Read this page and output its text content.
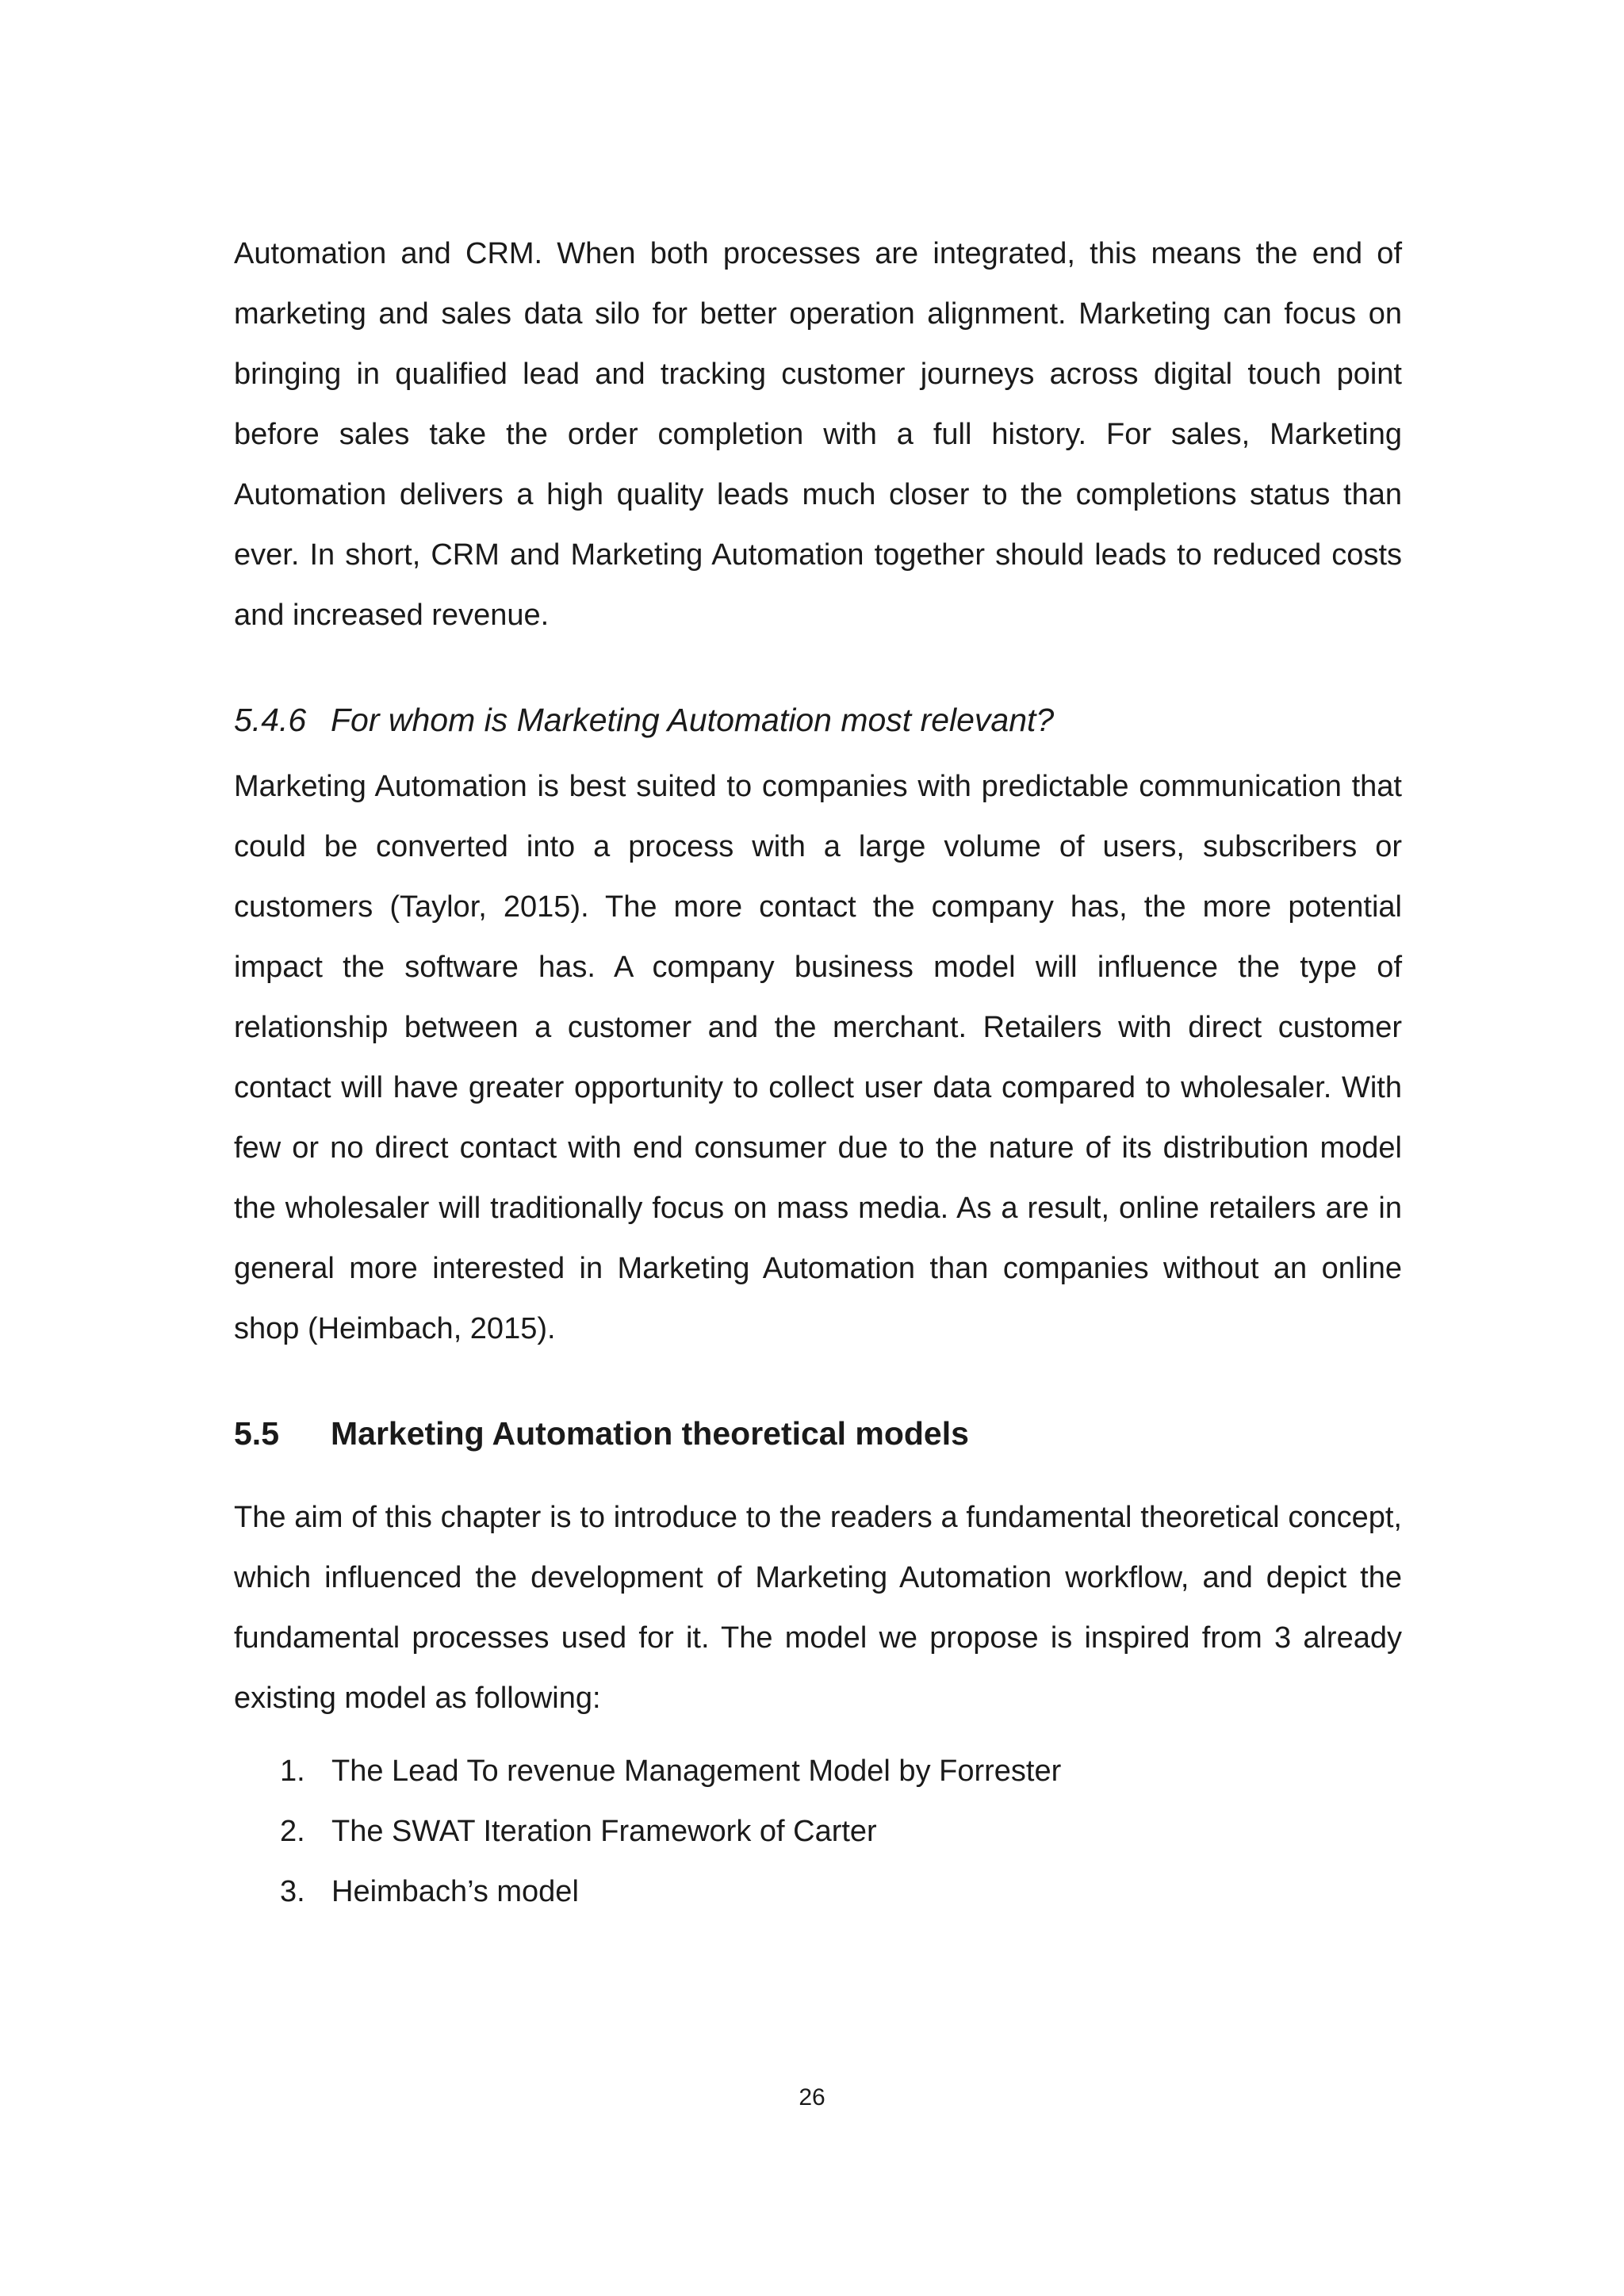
Automation and CRM. When both processes are integrated, this means the end of marketing and sales data silo for better operation alignment. Marketing can focus on bringing in qualified lead and tracking customer journeys across digital touch point before sales take the order completion with a full history. For sales, Marketing Automation delivers a high quality leads much closer to the completions status than ever. In short, CRM and Marketing Automation together should leads to reduced costs and increased revenue.

5.4.6 For whom is Marketing Automation most relevant?

Marketing Automation is best suited to companies with predictable communication that could be converted into a process with a large volume of users, subscribers or customers (Taylor, 2015). The more contact the company has, the more potential impact the software has. A company business model will influence the type of relationship between a customer and the merchant. Retailers with direct customer contact will have greater opportunity to collect user data compared to wholesaler. With few or no direct contact with end consumer due to the nature of its distribution model the wholesaler will traditionally focus on mass media. As a result, online retailers are in general more interested in Marketing Automation than companies without an online shop (Heimbach, 2015).

5.5 Marketing Automation theoretical models

The aim of this chapter is to introduce to the readers a fundamental theoretical concept, which influenced the development of Marketing Automation workflow, and depict the fundamental processes used for it. The model we propose is inspired from 3 already existing model as following:

1. The Lead To revenue Management Model by Forrester
2. The SWAT Iteration Framework of Carter
3. Heimbach’s model
26
